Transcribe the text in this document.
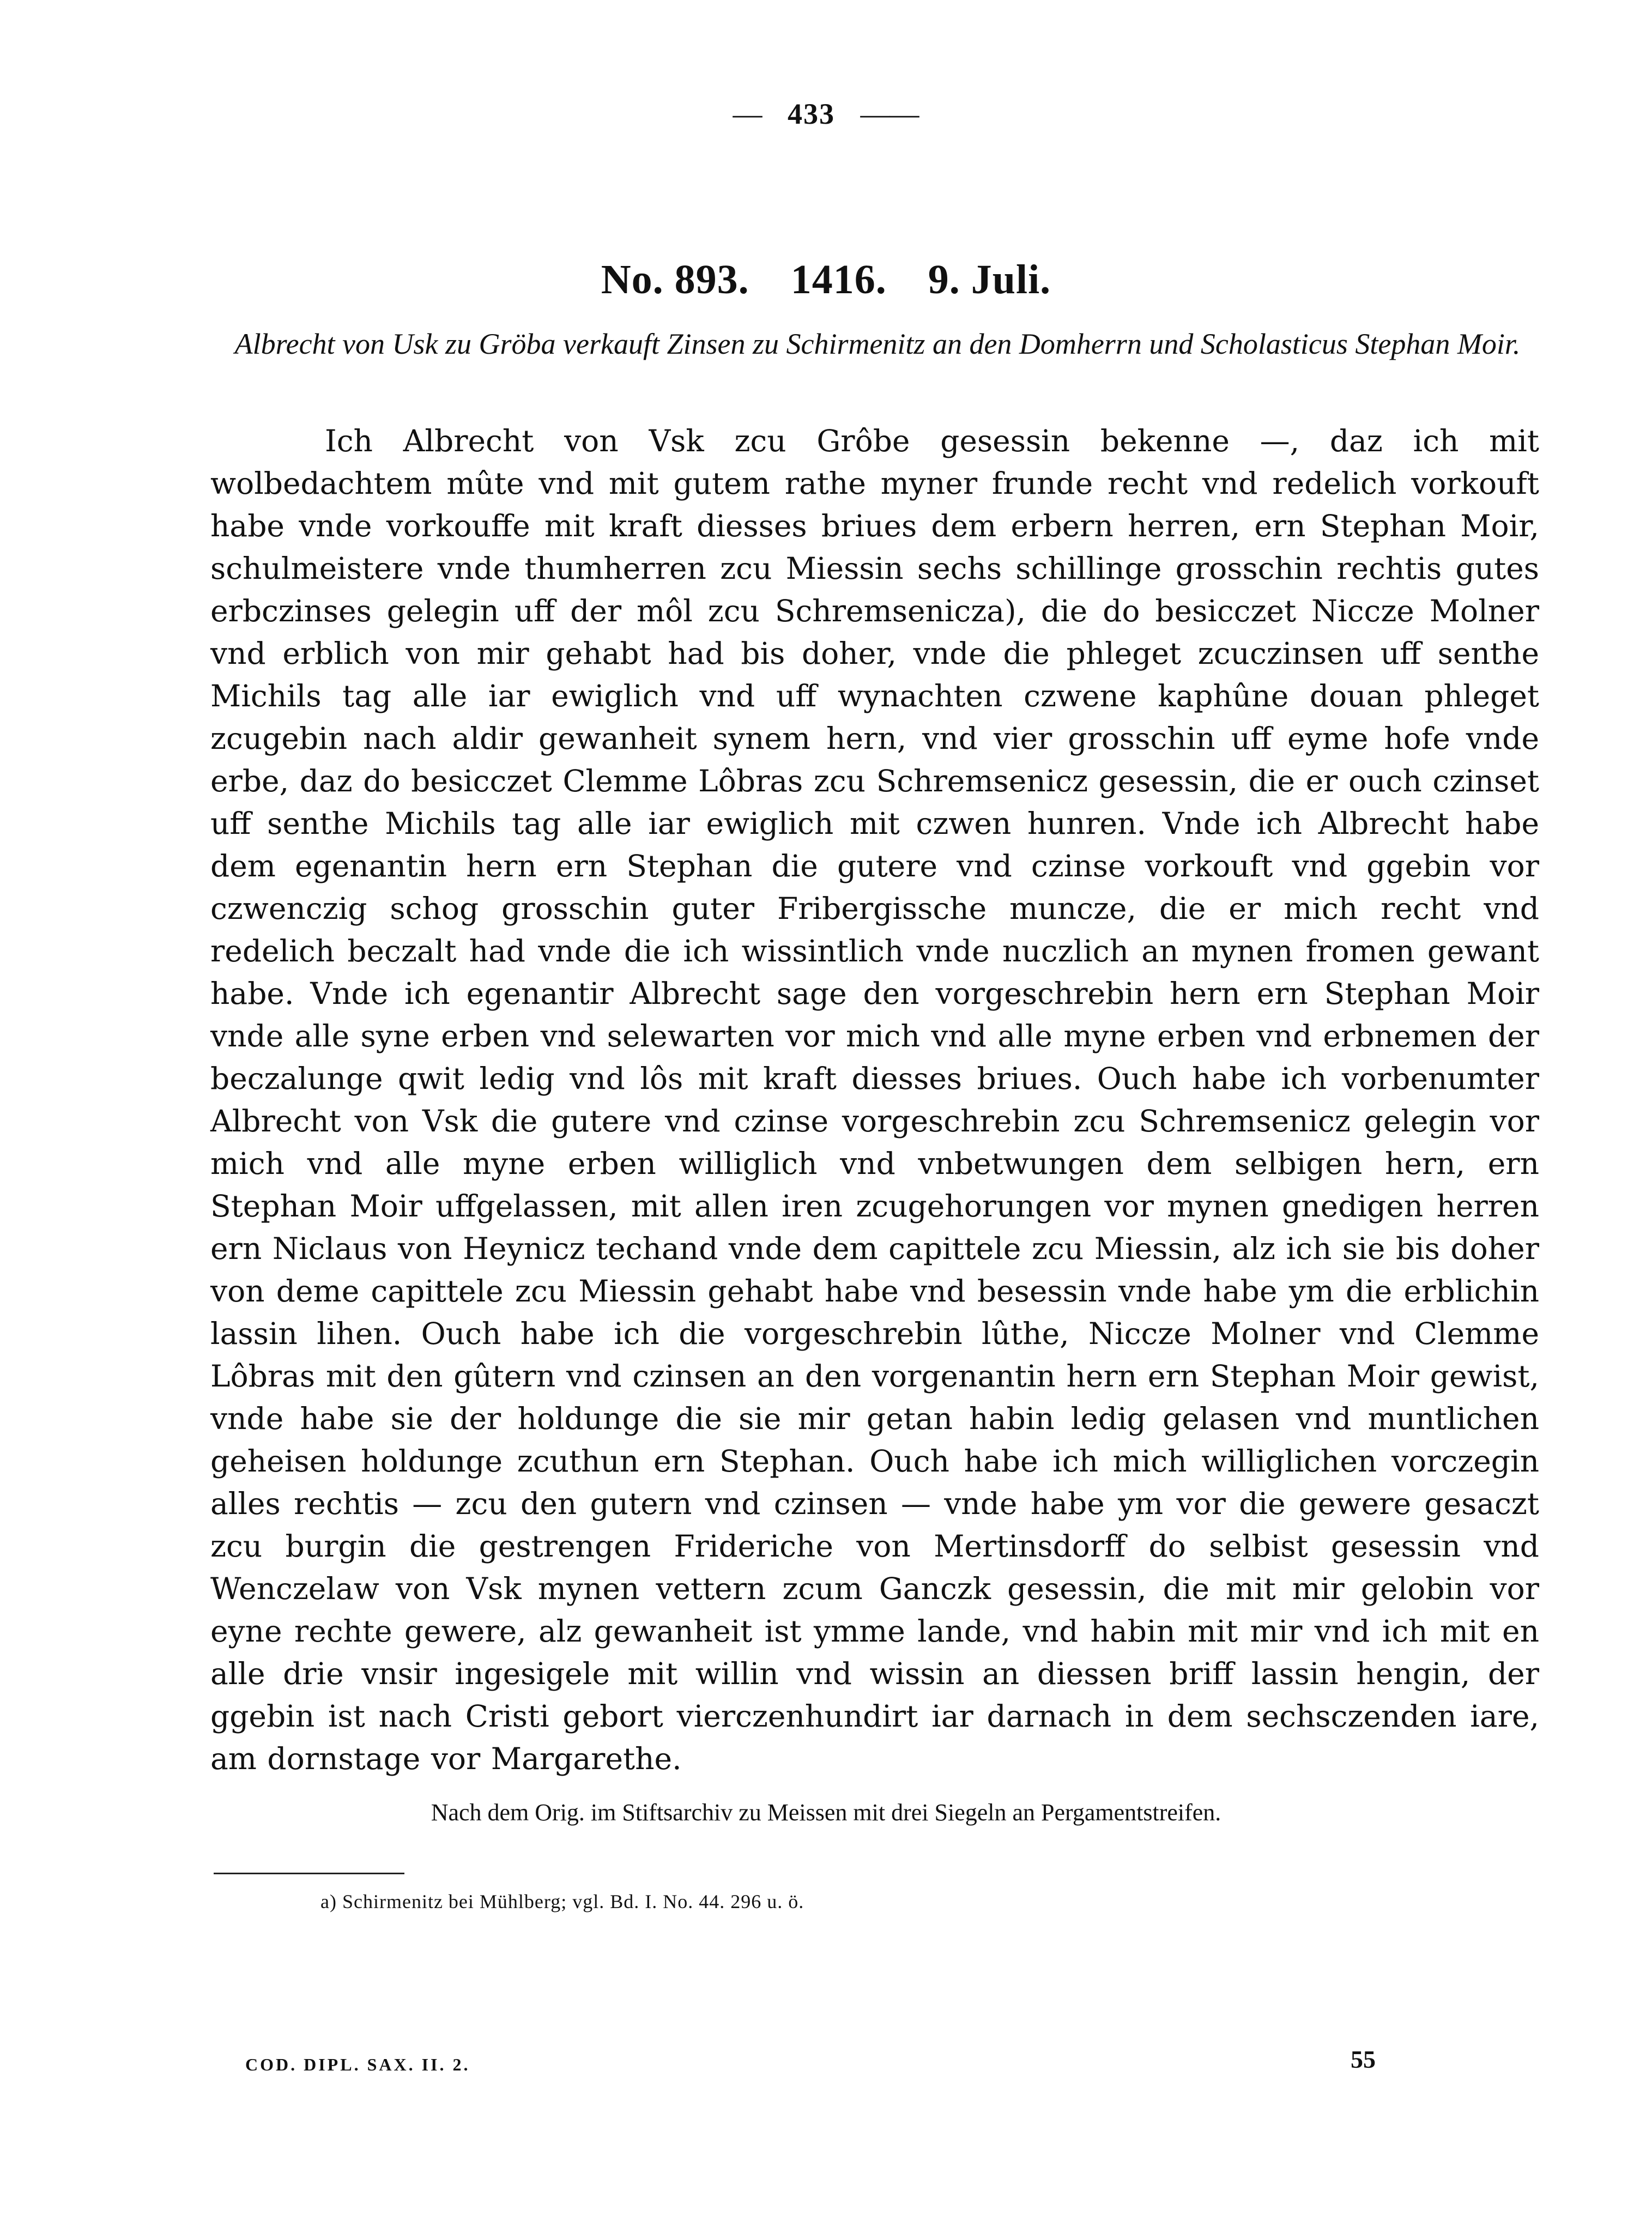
— 433 ——
No. 893. 1416. 9. Juli.
Albrecht von Usk zu Gröba verkauft Zinsen zu Schirmenitz an den Domherrn und Scholasticus Stephan Moir.

Ich Albrecht von Vsk zcu Grôbe gesessin bekenne —, daz ich mit wolbedachtem mûte vnd mit gutem rathe myner frunde recht vnd redelich vorkouft habe vnde vorkouffe mit kraft diesses briues dem erbern herren, ern Stephan Moir, schulmeistere vnde thumherren zcu Miessin sechs schillinge grosschin rechtis gutes erbczinses gelegin uff der môl zcu Schremsenicza), die do besicczet Niccze Molner vnd erblich von mir gehabt had bis doher, vnde die phleget zcuczinsen uff senthe Michils tag alle iar ewiglich vnd uff wynachten czwene kaphûne douan phleget zcugebin nach aldir gewanheit synem hern, vnd vier grosschin uff eyme hofe vnde erbe, daz do besicczet Clemme Lôbras zcu Schremsenicz gesessin, die er ouch czinset uff senthe Michils tag alle iar ewiglich mit czwen hunren. Vnde ich Albrecht habe dem egenantin hern ern Stephan die gutere vnd czinse vorkouft vnd ggebin vor czwenczig schog grosschin guter Fribergissche muncze, die er mich recht vnd redelich beczalt had vnde die ich wissintlich vnde nuczlich an mynen fromen gewant habe. Vnde ich egenantir Albrecht sage den vorgeschrebin hern ern Stephan Moir vnde alle syne erben vnd selewarten vor mich vnd alle myne erben vnd erbnemen der beczalunge qwit ledig vnd lôs mit kraft diesses briues. Ouch habe ich vorbenumter Albrecht von Vsk die gutere vnd czinse vorgeschrebin zcu Schremsenicz gelegin vor mich vnd alle myne erben williglich vnd vnbetwungen dem selbigen hern, ern Stephan Moir uffgelassen, mit allen iren zcugehorungen vor mynen gnedigen herren ern Niclaus von Heynicz techand vnde dem capittele zcu Miessin, alz ich sie bis doher von deme capittele zcu Miessin gehabt habe vnd besessin vnde habe ym die erblichin lassin lihen. Ouch habe ich die vorgeschrebin lûthe, Niccze Molner vnd Clemme Lôbras mit den gûtern vnd czinsen an den vorgenantin hern ern Stephan Moir gewist, vnde habe sie der holdunge die sie mir getan habin ledig gelasen vnd muntlichen geheisen holdunge zcuthun ern Stephan. Ouch habe ich mich williglichen vorczegin alles rechtis — zcu den gutern vnd czinsen — vnde habe ym vor die gewere gesaczt zcu burgin die gestrengen Frideriche von Mertinsdorff do selbist gesessin vnd Wenczelaw von Vsk mynen vettern zcum Ganczk gesessin, die mit mir gelobin vor eyne rechte gewere, alz gewanheit ist ymme lande, vnd habin mit mir vnd ich mit en alle drie vnsir ingesigele mit willin vnd wissin an diessen briff lassin hengin, der ggebin ist nach Cristi gebort vierczenhundirt iar darnach in dem sechsczenden iare, am dornstage vor Margarethe.

Nach dem Orig. im Stiftsarchiv zu Meissen mit drei Siegeln an Pergamentstreifen.
a) Schirmenitz bei Mühlberg; vgl. Bd. I. No. 44. 296 u. ö.
COD. DIPL. SAX. II. 2.	55
